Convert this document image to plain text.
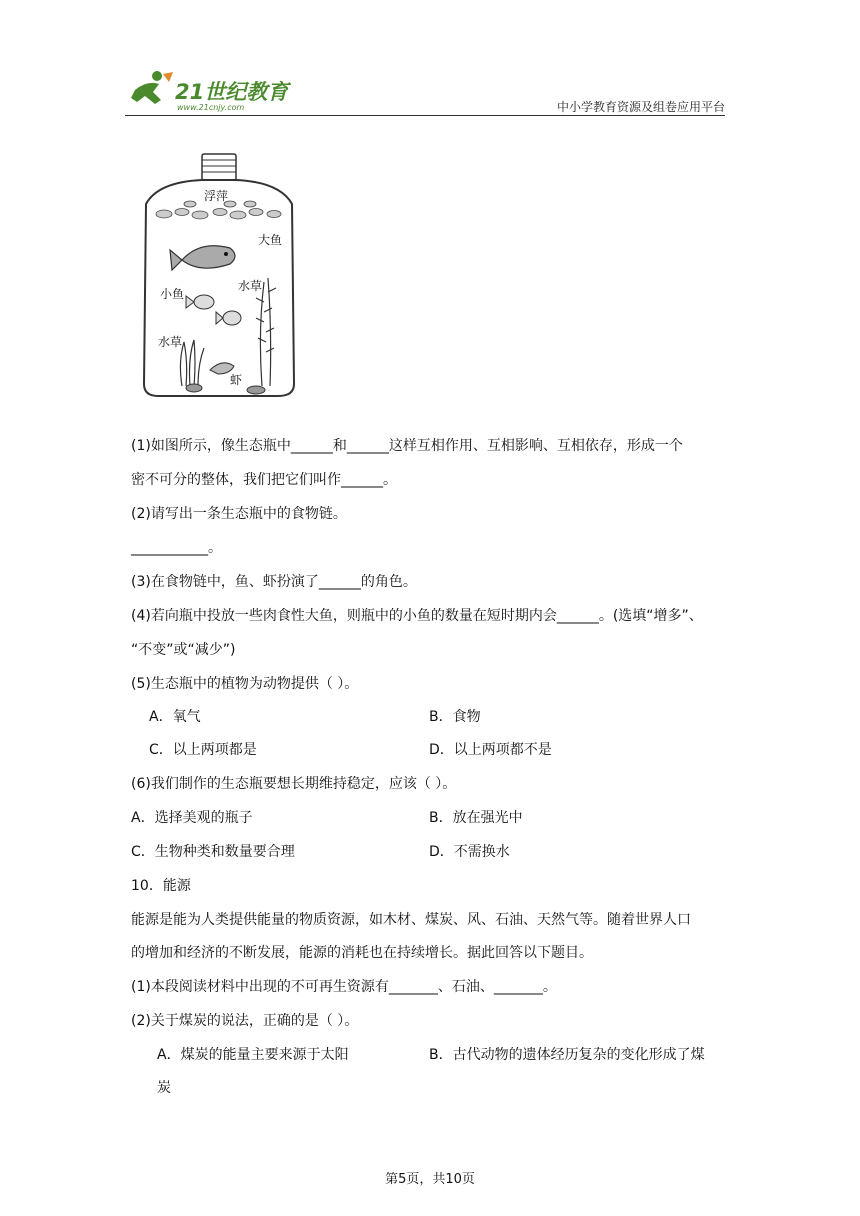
21世纪教育
www.21cnjy.com	中小学教育资源及组卷应用平台
浮萍
大鱼
小鱼
水草
水草
虾
(1)如图所示，像生态瓶中______和______这样互相作用、互相影响、互相依存，形成一个
密不可分的整体，我们把它们叫作______。
(2)请写出一条生态瓶中的食物链。
___________。
(3)在食物链中，鱼、虾扮演了______的角色。
(4)若向瓶中投放一些肉食性大鱼，则瓶中的小鱼的数量在短时期内会______。(选填“增多”、
“不变”或“减少”)
(5)生态瓶中的植物为动物提供（ ）。
A．氧气	B．食物
C．以上两项都是	D．以上两项都不是
(6)我们制作的生态瓶要想长期维持稳定，应该（ ）。
A．选择美观的瓶子	B．放在强光中
C．生物种类和数量要合理	D．不需换水
10．能源
能源是能为人类提供能量的物质资源，如木材、煤炭、风、石油、天然气等。随着世界人口
的增加和经济的不断发展，能源的消耗也在持续增长。据此回答以下题目。
(1)本段阅读材料中出现的不可再生资源有_______、石油、_______。
(2)关于煤炭的说法，正确的是（ ）。
A．煤炭的能量主要来源于太阳	B．古代动物的遗体经历复杂的变化形成了煤
炭
第5页，共10页
